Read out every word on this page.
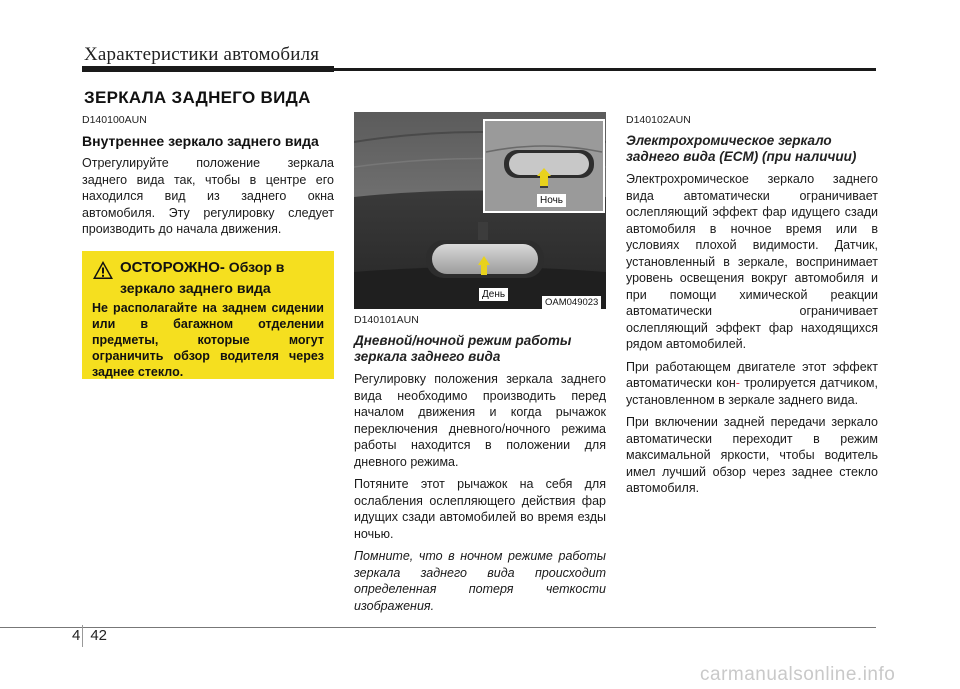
Характеристики автомобиля
ЗЕРКАЛА ЗАДНЕГО ВИДА
D140100AUN
Внутреннее зеркало заднего вида
Отрегулируйте положение зеркала заднего вида так, чтобы в центре его находился вид из заднего окна автомобиля. Эту регулировку следует производить до начала движения.
ОСТОРОЖНО- Обзор в
зеркало заднего вида
Не располагайте на заднем сидении или в багажном отделении предметы, которые могут ограничить обзор водителя через заднее стекло.
Ночь
День
OAM049023
D140101AUN
Дневной/ночной режим работы зеркала заднего вида
Регулировку положения зеркала заднего вида необходимо производить перед началом движения и когда рычажок переключения дневного/ночного режима работы находится в положении для дневного режима.
Потяните этот рычажок на себя для ослабления ослепляющего действия фар идущих сзади автомобилей во время езды ночью.
Помните, что в ночном режиме работы зеркала заднего вида происходит определенная потеря четкости изображения.
D140102AUN
Электрохромическое зеркало заднего вида (ECM) (при наличии)
Электрохромическое зеркало заднего вида автоматически ограничивает ослепляющий эффект фар идущего сзади автомобиля в ночное время или в условиях плохой видимости. Датчик, установленный в зеркале, воспринимает уровень освещения вокруг автомобиля и при помощи химической реакции автоматически ограничивает ослепляющий эффект фар находящихся рядом автомобилей.
При работающем двигателе этот эффект автоматически кон- тролируется датчиком, установленном в зеркале заднего вида.
При включении задней передачи зеркало автоматически переходит в режим максимальной яркости, чтобы водитель имел лучший обзор через заднее стекло автомобиля.
4 42
carmanualsonline.info
